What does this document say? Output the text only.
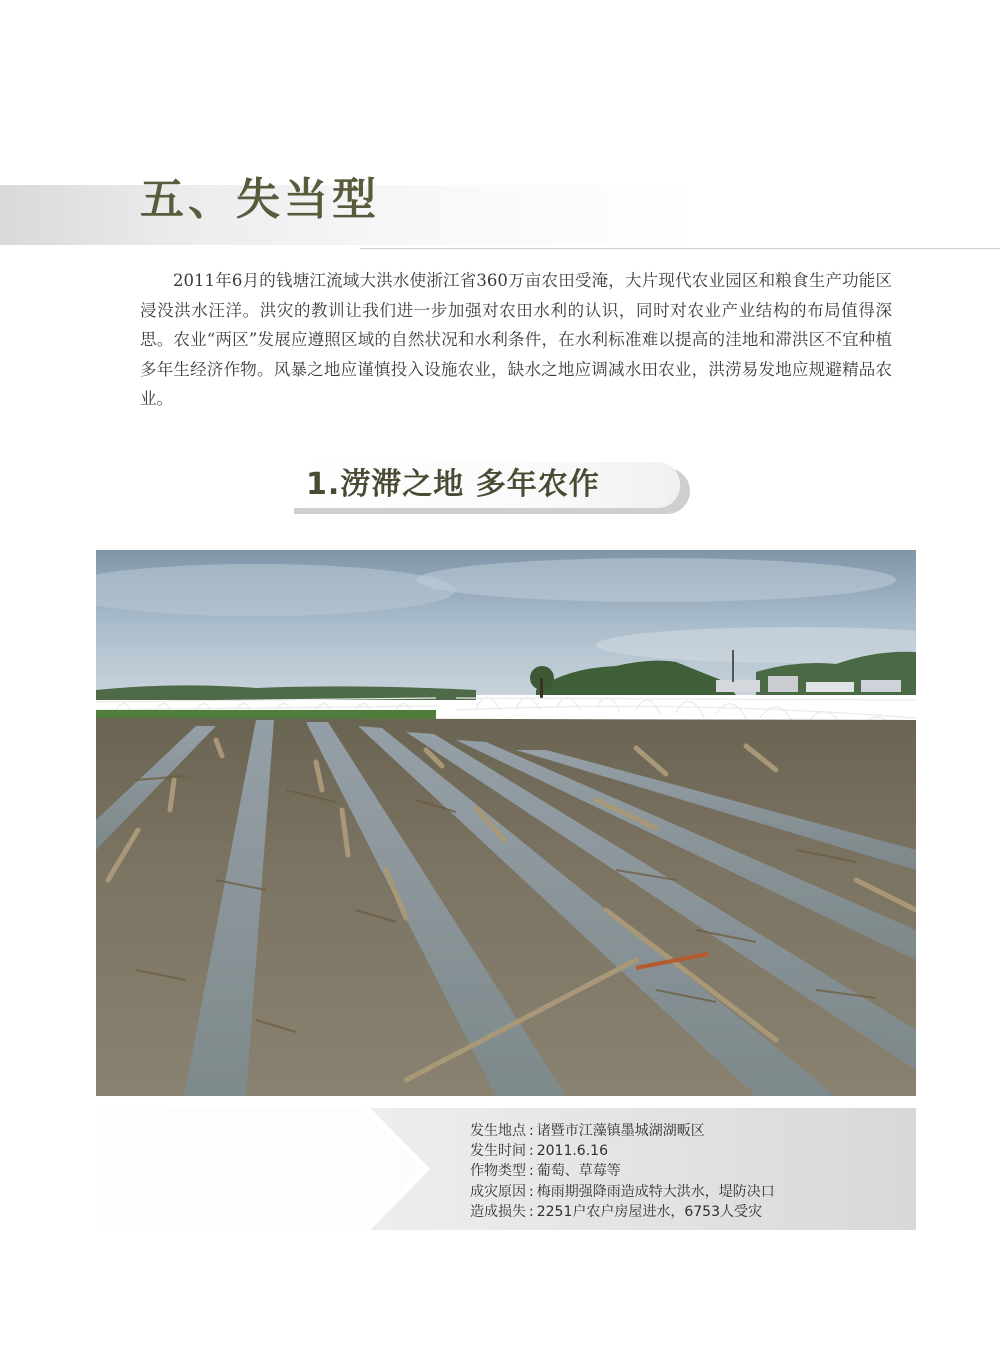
五、失当型

2011年6月的钱塘江流域大洪水使浙江省360万亩农田受淹，大片现代农业园区和粮食生产功能区浸没洪水汪洋。洪灾的教训让我们进一步加强对农田水利的认识，同时对农业产业结构的布局值得深思。农业“两区”发展应遵照区域的自然状况和水利条件，在水利标准难以提高的洼地和滞洪区不宜种植多年生经济作物。风暴之地应谨慎投入设施农业，缺水之地应调减水田农业，洪涝易发地应规避精品农业。

1.涝滞之地 多年农作
发生地点 : 诸暨市江藻镇墨城湖湖畈区
发生时间 : 2011.6.16
作物类型 : 葡萄、草莓等
成灾原因 : 梅雨期强降雨造成特大洪水，堤防决口
造成损失 : 2251户农户房屋进水，6753人受灾
